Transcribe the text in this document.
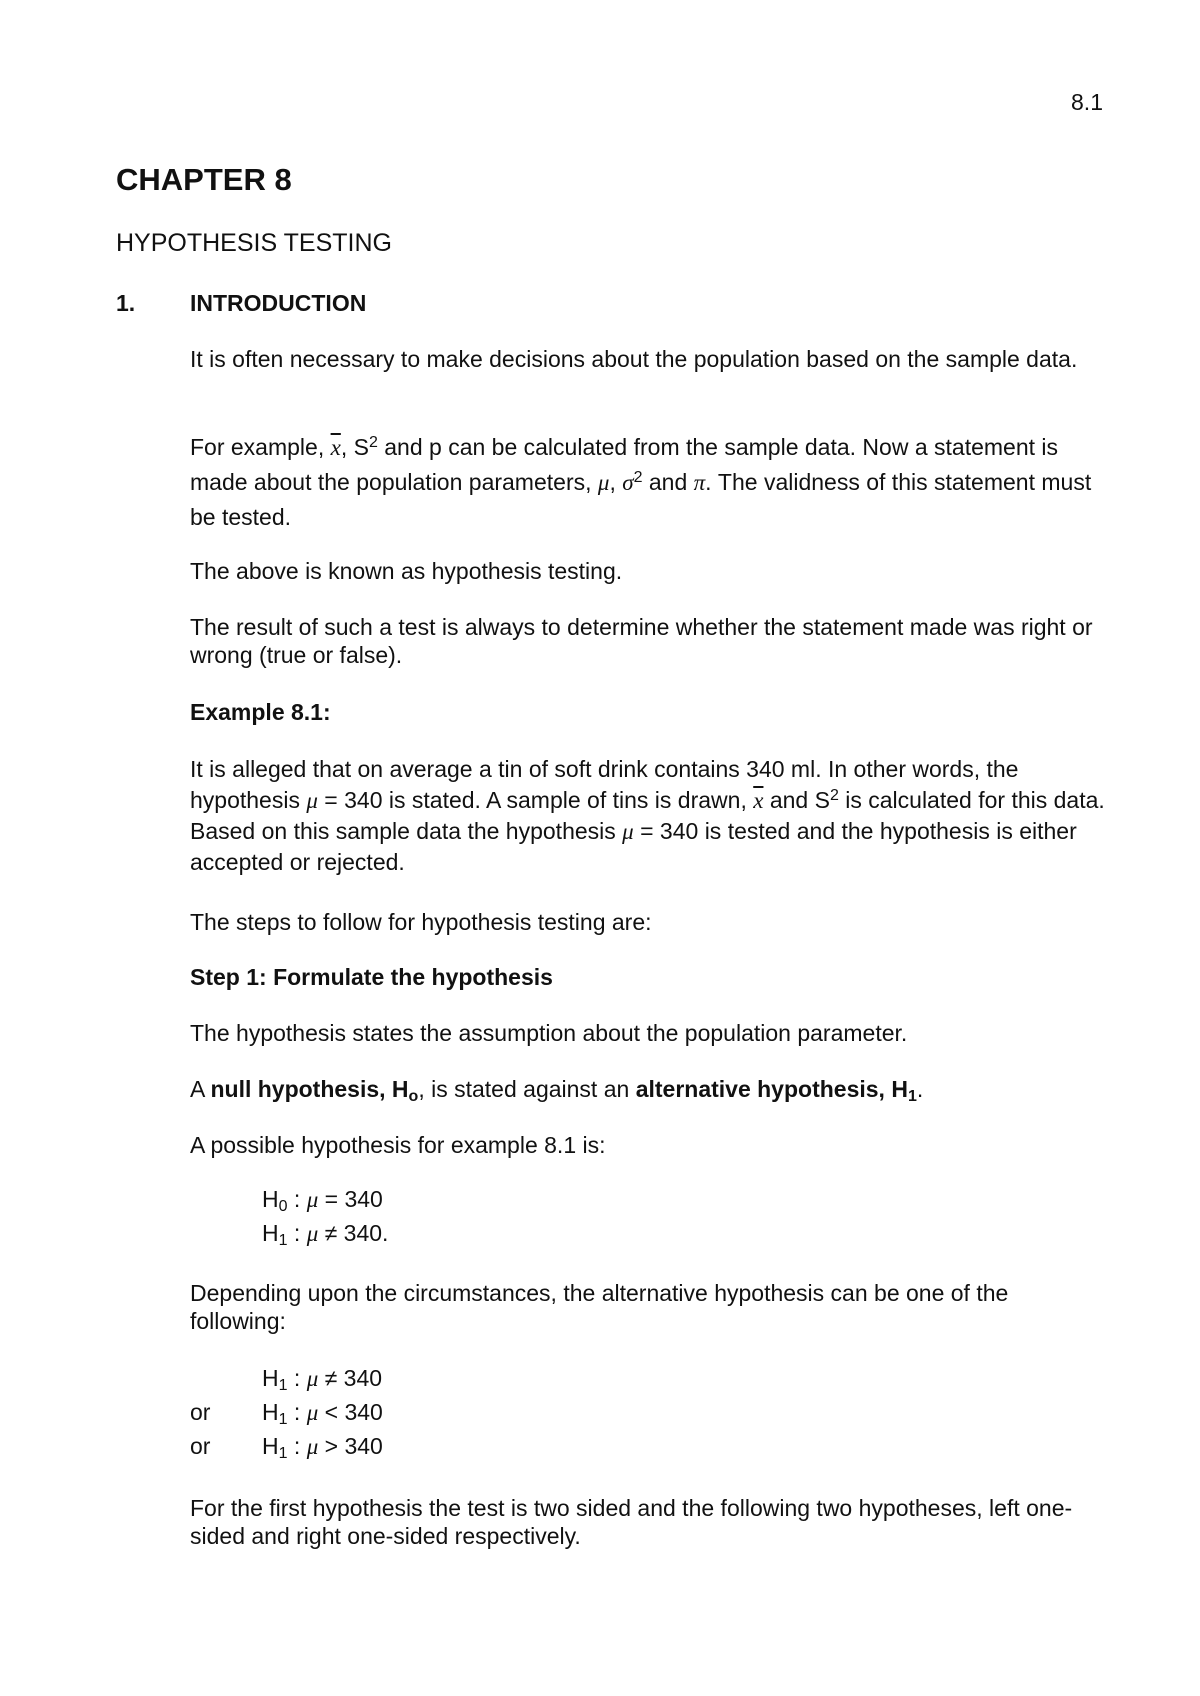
8.1
CHAPTER 8
HYPOTHESIS TESTING
1. INTRODUCTION
It is often necessary to make decisions about the population based on the sample data.
For example, $\overline{x}$, $S^2$ and p can be calculated from the sample data. Now a statement is made about the population parameters, μ, $\sigma^2$ and π. The validness of this statement must be tested.
The above is known as hypothesis testing.
The result of such a test is always to determine whether the statement made was right or wrong (true or false).
Example 8.1:
It is alleged that on average a tin of soft drink contains 340 ml. In other words, the hypothesis μ = 340 is stated. A sample of tins is drawn, $\overline{x}$ and $S^2$ is calculated for this data. Based on this sample data the hypothesis μ = 340 is tested and the hypothesis is either accepted or rejected.
The steps to follow for hypothesis testing are:
Step 1: Formulate the hypothesis
The hypothesis states the assumption about the population parameter.
A null hypothesis, $H_o$, is stated against an alternative hypothesis, $H_1$.
A possible hypothesis for example 8.1 is:
$H_0$ : μ = 340
$H_1$ : μ ≠ 340.
Depending upon the circumstances, the alternative hypothesis can be one of the following:
$H_1$ : μ ≠ 340
or $H_1$ : μ < 340
or $H_1$ : μ > 340
For the first hypothesis the test is two sided and the following two hypotheses, left one-sided and right one-sided respectively.
